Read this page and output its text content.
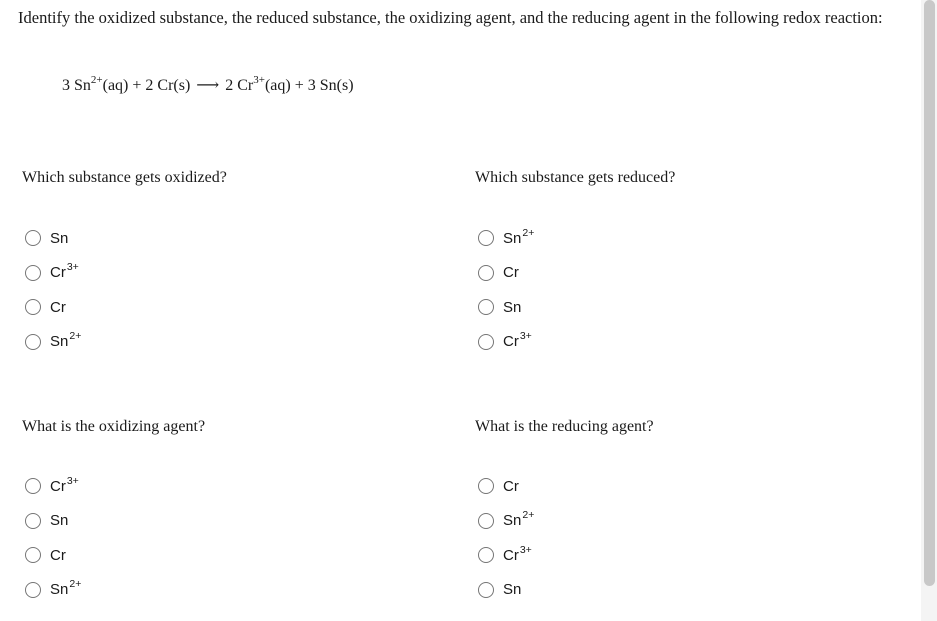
Identify the oxidized substance, the reduced substance, the oxidizing agent, and the reducing agent in the following redox reaction:
3 $Sn^{2+}(aq) + 2$ Cr(s) ⟶ 2 $Cr^{3+}(aq) + 3$ Sn(s)
Which substance gets oxidized?
Sn
Cr 3+
Cr
Sn 2+
Which substance gets reduced?
Sn 2+
Cr
Sn
Cr 3+
What is the oxidizing agent?
Cr 3+
Sn
Cr
Sn 2+
What is the reducing agent?
Cr
Sn 2+
Cr 3+
Sn
